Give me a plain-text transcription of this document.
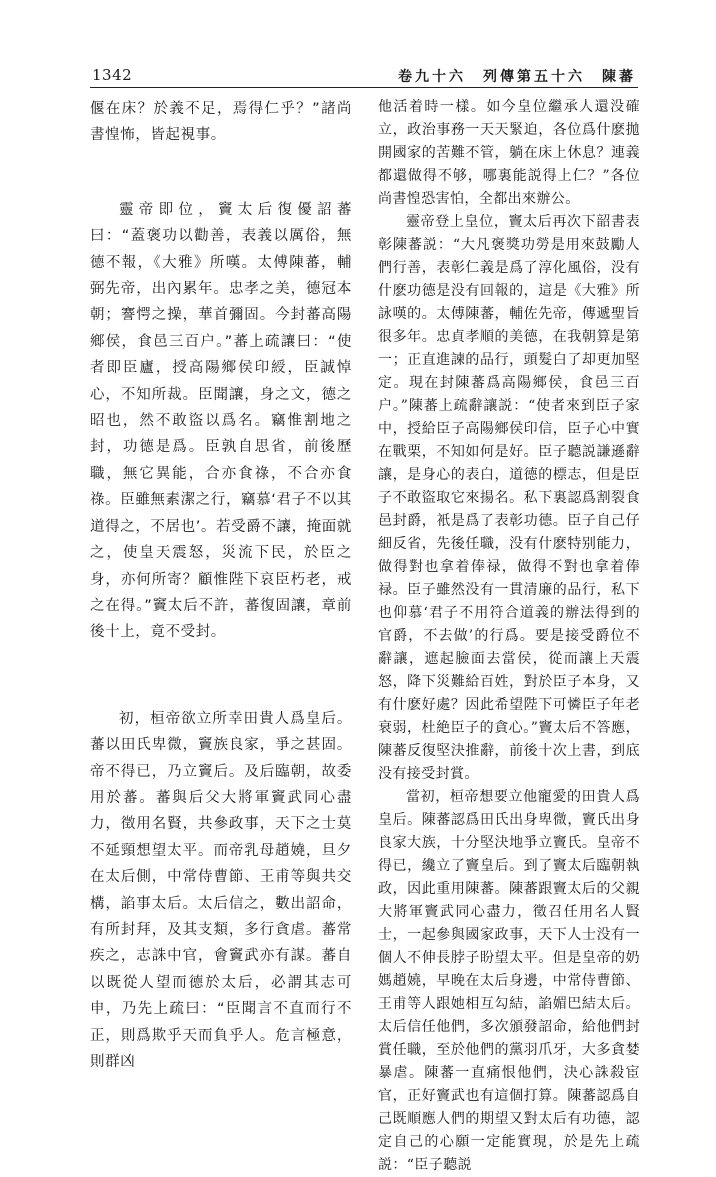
1342	卷九十六　列傳第五十六　陳蕃

偃在床？於義不足，焉得仁乎？”諸尚書惶怖，皆起視事。

靈帝即位，竇太后復優詔蕃曰：“蓋褒功以勸善，表義以厲俗，無德不報，《大雅》所嘆。太傅陳蕃，輔弼先帝，出內累年。忠孝之美，德冠本朝；謇愕之操，華首彌固。今封蕃高陽鄉侯，食邑三百户。”蕃上疏讓曰：“使者即臣廬，授高陽鄉侯印綬，臣誠悼心，不知所裁。臣聞讓，身之文，德之昭也，然不敢盜以爲名。竊惟割地之封，功德是爲。臣孰自思省，前後歷職，無它異能，合亦食祿，不合亦食祿。臣雖無素潔之行，竊慕‘君子不以其道得之，不居也’。若受爵不讓，掩面就之，使皇天震怒，災流下民，於臣之身，亦何所寄？顧惟陛下哀臣朽老，戒之在得。”竇太后不許，蕃復固讓，章前後十上，竟不受封。

初，桓帝欲立所幸田貴人爲皇后。蕃以田氏卑微，竇族良家，爭之甚固。帝不得已，乃立竇后。及后臨朝，故委用於蕃。蕃與后父大將軍竇武同心盡力，徵用名賢，共參政事，天下之士莫不延頸想望太平。而帝乳母趙嬈，旦夕在太后側，中常侍曹節、王甫等與共交構，諂事太后。太后信之，數出詔命，有所封拜，及其支類，多行貪虐。蕃常疾之，志誅中官，會竇武亦有謀。蕃自以既從人望而德於太后，必謂其志可申，乃先上疏曰：“臣聞言不直而行不正，則爲欺乎天而負乎人。危言極意，則群凶

他活着時一樣。如今皇位繼承人還没確立，政治事務一天天緊迫，各位爲什麽拋開國家的苦難不管，躺在床上休息？連義都還做得不够，哪裏能説得上仁？”各位尚書惶恐害怕，全都出來辦公。

靈帝登上皇位，竇太后再次下韶書表彰陳蕃説：“大凡褒獎功勞是用來鼓勵人們行善，表彰仁義是爲了淳化風俗，没有什麽功德是没有回報的，這是《大雅》所詠嘆的。太傅陳蕃，輔佐先帝，傳遞聖旨很多年。忠貞孝順的美德，在我朝算是第一；正直進諫的品行，頭髮白了却更加堅定。現在封陳蕃爲高陽鄉侯，食邑三百户。”陳蕃上疏辭讓説：“使者來到臣子家中，授給臣子高陽鄉侯印信，臣子心中實在戰栗，不知如何是好。臣子聽説謙遜辭讓，是身心的表白，道德的標志，但是臣子不敢盜取它來揚名。私下裏認爲割裂食邑封爵，衹是爲了表彰功德。臣子自己仔細反省，先後任職，没有什麽特别能力，做得對也拿着俸禄，做得不對也拿着俸禄。臣子雖然没有一貫清廉的品行，私下也仰慕‘君子不用符合道義的辦法得到的官爵，不去做’的行爲。要是接受爵位不辭讓，遮起臉面去當侯，從而讓上天震怒，降下災難給百姓，對於臣子本身，又有什麽好處？因此希望陛下可憐臣子年老衰弱，杜絶臣子的貪心。”竇太后不答應，陳蕃反復堅決推辭，前後十次上書，到底没有接受封賞。

當初，桓帝想要立他寵愛的田貴人爲皇后。陳蕃認爲田氏出身卑微，竇氏出身良家大族，十分堅決地爭立竇氏。皇帝不得已，纔立了竇皇后。到了竇太后臨朝執政，因此重用陳蕃。陳蕃跟竇太后的父親大將軍竇武同心盡力，徵召任用名人賢士，一起參與國家政事，天下人士没有一個人不伸長脖子盼望太平。但是皇帝的奶媽趙嬈，早晚在太后身邊，中常侍曹節、王甫等人跟她相互勾結，諂媚巴結太后。太后信任他們，多次頒發詔命，給他們封賞任職，至於他們的黨羽爪牙，大多貪婪暴虐。陳蕃一直痛恨他們，決心誅殺宦官，正好竇武也有這個打算。陳蕃認爲自己既順應人們的期望又對太后有功德，認定自己的心願一定能實現，於是先上疏説：“臣子聽説
